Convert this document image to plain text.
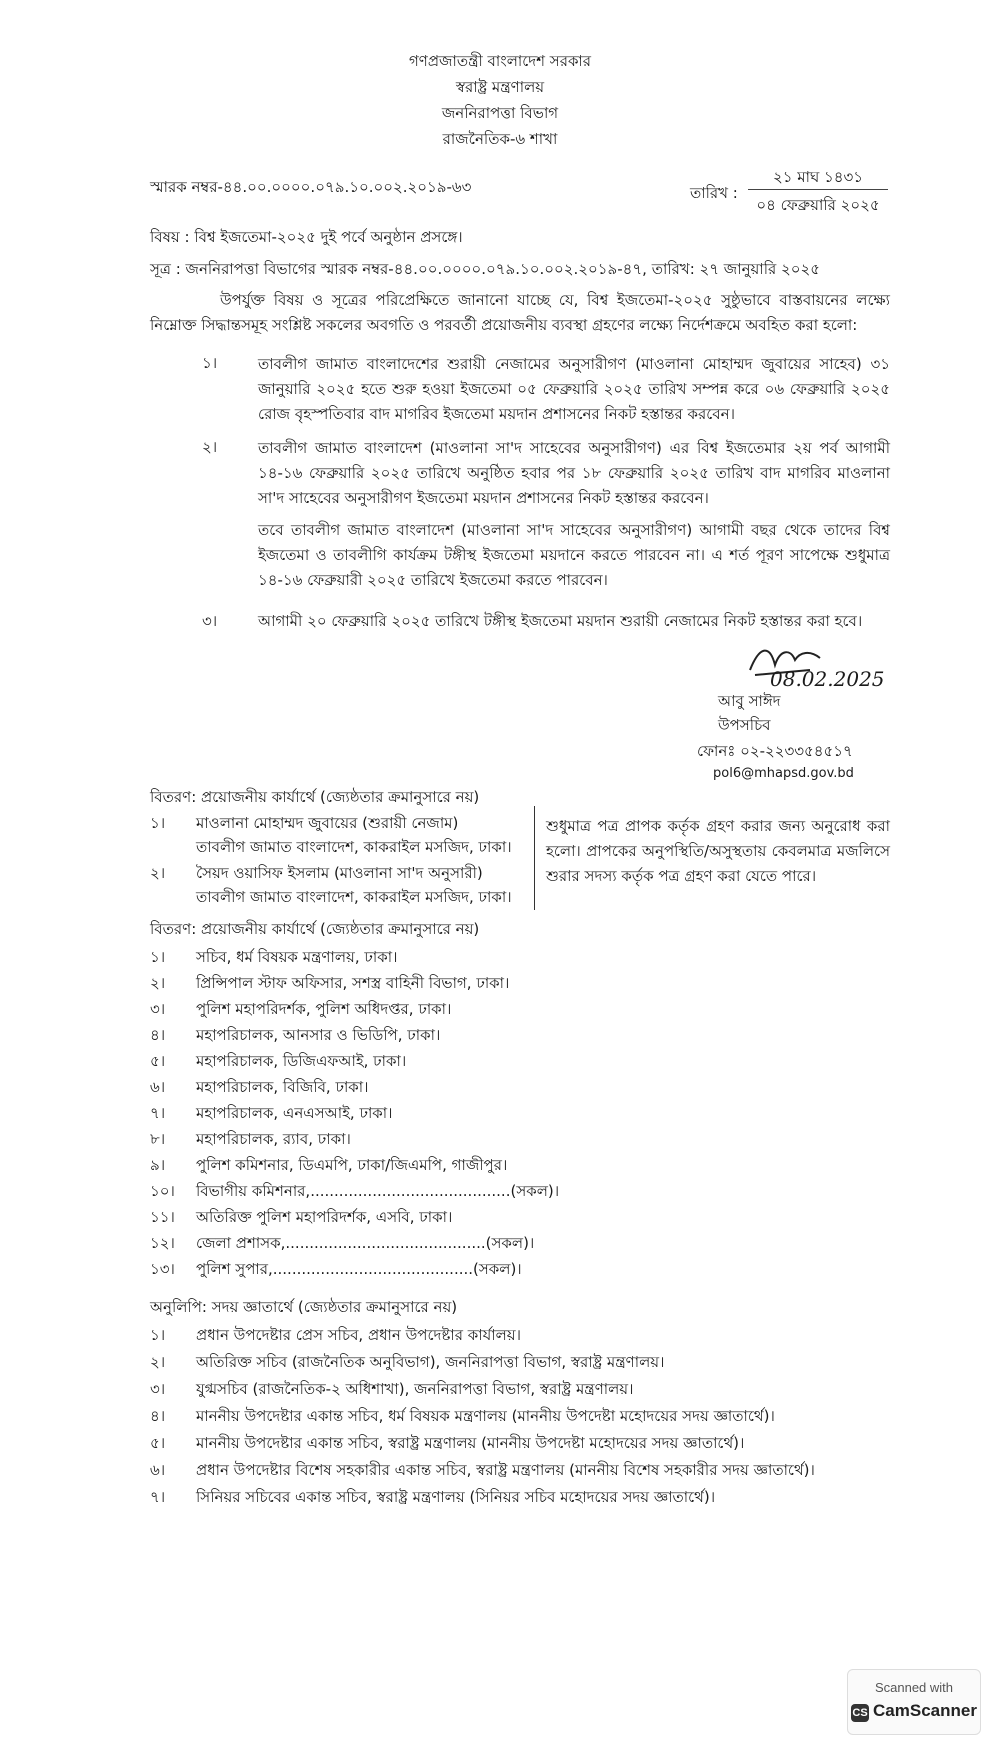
গণপ্রজাতন্ত্রী বাংলাদেশ সরকার
স্বরাষ্ট্র মন্ত্রণালয়
জননিরাপত্তা বিভাগ
রাজনৈতিক-৬ শাখা
স্মারক নম্বর-৪৪.০০.০০০০.০৭৯.১০.০০২.২০১৯-৬৩	তারিখ :
২১ মাঘ ১৪৩১
০৪ ফেব্রুয়ারি ২০২৫
বিষয় : বিশ্ব ইজতেমা-২০২৫ দুই পর্বে অনুষ্ঠান প্রসঙ্গে।
সূত্র : জননিরাপত্তা বিভাগের স্মারক নম্বর-৪৪.০০.০০০০.০৭৯.১০.০০২.২০১৯-৪৭, তারিখ: ২৭ জানুয়ারি ২০২৫
উপর্যুক্ত বিষয় ও সূত্রের পরিপ্রেক্ষিতে জানানো যাচ্ছে যে, বিশ্ব ইজতেমা-২০২৫ সুষ্ঠুভাবে বাস্তবায়নের লক্ষ্যে নিম্নোক্ত সিদ্ধান্তসমূহ সংশ্লিষ্ট সকলের অবগতি ও পরবর্তী প্রয়োজনীয় ব্যবস্থা গ্রহণের লক্ষ্যে নির্দেশক্রমে অবহিত করা হলো:
১।	তাবলীগ জামাত বাংলাদেশের শুরায়ী নেজামের অনুসারীগণ (মাওলানা মোহাম্মদ জুবায়ের সাহেব) ৩১ জানুয়ারি ২০২৫ হতে শুরু হওয়া ইজতেমা ০৫ ফেব্রুয়ারি ২০২৫ তারিখ সম্পন্ন করে ০৬ ফেব্রুয়ারি ২০২৫ রোজ বৃহস্পতিবার বাদ মাগরিব ইজতেমা ময়দান প্রশাসনের নিকট হস্তান্তর করবেন।
২।	তাবলীগ জামাত বাংলাদেশ (মাওলানা সা'দ সাহেবের অনুসারীগণ) এর বিশ্ব ইজতেমার ২য় পর্ব আগামী ১৪-১৬ ফেব্রুয়ারি ২০২৫ তারিখে অনুষ্ঠিত হবার পর ১৮ ফেব্রুয়ারি ২০২৫ তারিখ বাদ মাগরিব মাওলানা সা'দ সাহেবের অনুসারীগণ ইজতেমা ময়দান প্রশাসনের নিকট হস্তান্তর করবেন।
তবে তাবলীগ জামাত বাংলাদেশ (মাওলানা সা'দ সাহেবের অনুসারীগণ) আগামী বছর থেকে তাদের বিশ্ব ইজতেমা ও তাবলীগি কার্যক্রম টঙ্গীস্থ ইজতেমা ময়দানে করতে পারবেন না। এ শর্ত পূরণ সাপেক্ষে শুধুমাত্র ১৪-১৬ ফেব্রুয়ারী ২০২৫ তারিখে ইজতেমা করতে পারবেন।
৩।	আগামী ২০ ফেব্রুয়ারি ২০২৫ তারিখে টঙ্গীস্থ ইজতেমা ময়দান শুরায়ী নেজামের নিকট হস্তান্তর করা হবে।
08.02.2025
আবু সাঈদ
উপসচিব
ফোনঃ ০২-২২৩৩৫৪৫১৭
pol6@mhapsd.gov.bd
বিতরণ: প্রয়োজনীয় কার্যার্থে (জ্যেষ্ঠতার ক্রমানুসারে নয়)
১।	মাওলানা মোহাম্মদ জুবায়ের (শুরায়ী নেজাম)
তাবলীগ জামাত বাংলাদেশ, কাকরাইল মসজিদ, ঢাকা।
২।	সৈয়দ ওয়াসিফ ইসলাম (মাওলানা সা'দ অনুসারী)
তাবলীগ জামাত বাংলাদেশ, কাকরাইল মসজিদ, ঢাকা।
শুধুমাত্র পত্র প্রাপক কর্তৃক গ্রহণ করার জন্য অনুরোধ করা হলো। প্রাপকের অনুপস্থিতি/অসুস্থতায় কেবলমাত্র মজলিসে শুরার সদস্য কর্তৃক পত্র গ্রহণ করা যেতে পারে।
বিতরণ: প্রয়োজনীয় কার্যার্থে (জ্যেষ্ঠতার ক্রমানুসারে নয়)
১। সচিব, ধর্ম বিষয়ক মন্ত্রণালয়, ঢাকা।
২। প্রিন্সিপাল স্টাফ অফিসার, সশস্ত্র বাহিনী বিভাগ, ঢাকা।
৩। পুলিশ মহাপরিদর্শক, পুলিশ অধিদপ্তর, ঢাকা।
৪। মহাপরিচালক, আনসার ও ভিডিপি, ঢাকা।
৫। মহাপরিচালক, ডিজিএফআই, ঢাকা।
৬। মহাপরিচালক, বিজিবি, ঢাকা।
৭। মহাপরিচালক, এনএসআই, ঢাকা।
৮। মহাপরিচালক, র‍্যাব, ঢাকা।
৯। পুলিশ কমিশনার, ডিএমপি, ঢাকা/জিএমপি, গাজীপুর।
১০। বিভাগীয় কমিশনার,..........................................(সকল)।
১১। অতিরিক্ত পুলিশ মহাপরিদর্শক, এসবি, ঢাকা।
১২। জেলা প্রশাসক,..........................................(সকল)।
১৩। পুলিশ সুপার,..........................................(সকল)।
অনুলিপি: সদয় জ্ঞাতার্থে (জ্যেষ্ঠতার ক্রমানুসারে নয়)
১। প্রধান উপদেষ্টার প্রেস সচিব, প্রধান উপদেষ্টার কার্যালয়।
২। অতিরিক্ত সচিব (রাজনৈতিক অনুবিভাগ), জননিরাপত্তা বিভাগ, স্বরাষ্ট্র মন্ত্রণালয়।
৩। যুগ্মসচিব (রাজনৈতিক-২ অধিশাখা), জননিরাপত্তা বিভাগ, স্বরাষ্ট্র মন্ত্রণালয়।
৪। মাননীয় উপদেষ্টার একান্ত সচিব, ধর্ম বিষয়ক মন্ত্রণালয় (মাননীয় উপদেষ্টা মহোদয়ের সদয় জ্ঞাতার্থে)।
৫। মাননীয় উপদেষ্টার একান্ত সচিব, স্বরাষ্ট্র মন্ত্রণালয় (মাননীয় উপদেষ্টা মহোদয়ের সদয় জ্ঞাতার্থে)।
৬। প্রধান উপদেষ্টার বিশেষ সহকারীর একান্ত সচিব, স্বরাষ্ট্র মন্ত্রণালয় (মাননীয় বিশেষ সহকারীর সদয় জ্ঞাতার্থে)।
৭। সিনিয়র সচিবের একান্ত সচিব, স্বরাষ্ট্র মন্ত্রণালয় (সিনিয়র সচিব মহোদয়ের সদয় জ্ঞাতার্থে)।
Scanned with
CS CamScanner
